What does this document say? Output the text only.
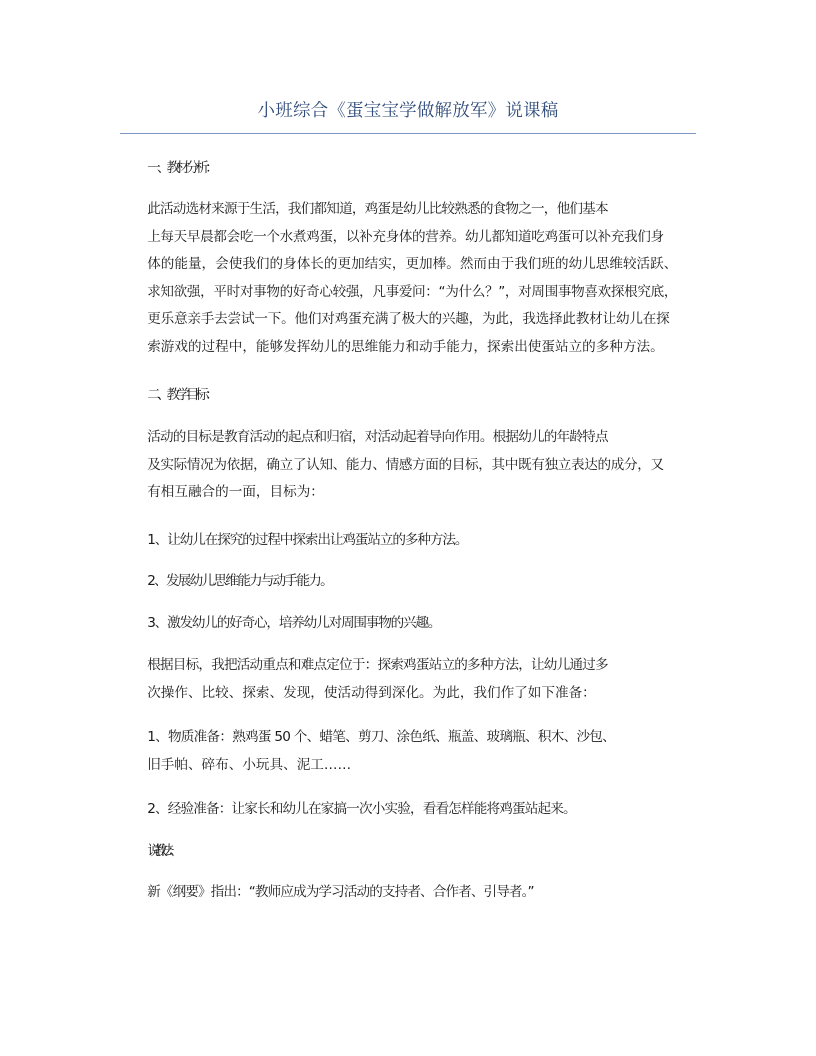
小班综合《蛋宝宝学做解放军》说课稿

一、教材分析：

此活动选材来源于生活，我们都知道，鸡蛋是幼儿比较熟悉的食物之一，他们基本
上每天早晨都会吃一个水煮鸡蛋，以补充身体的营养。幼儿都知道吃鸡蛋可以补充我们身
体的能量，会使我们的身体长的更加结实，更加棒。然而由于我们班的幼儿思维较活跃、
求知欲强，平时对事物的好奇心较强，凡事爱问：“为什么？”，对周围事物喜欢探根究底，
更乐意亲手去尝试一下。他们对鸡蛋充满了极大的兴趣，为此，我选择此教材让幼儿在探
索游戏的过程中，能够发挥幼儿的思维能力和动手能力，探索出使蛋站立的多种方法。

二、教学目标：

活动的目标是教育活动的起点和归宿，对活动起着导向作用。根据幼儿的年龄特点
及实际情况为依据，确立了认知、能力、情感方面的目标，其中既有独立表达的成分，又
有相互融合的一面，目标为：

1、让幼儿在探究的过程中探索出让鸡蛋站立的多种方法。

2、发展幼儿思维能力与动手能力。

3、激发幼儿的好奇心，培养幼儿对周围事物的兴趣。

根据目标，我把活动重点和难点定位于：探索鸡蛋站立的多种方法，让幼儿通过多
次操作、比较、探索、发现，使活动得到深化。为此，我们作了如下准备：

1、物质准备：熟鸡蛋 50 个、蜡笔、剪刀、涂色纸、瓶盖、玻璃瓶、积木、沙包、
旧手帕、碎布、小玩具、泥工……

2、经验准备：让家长和幼儿在家搞一次小实验，看看怎样能将鸡蛋站起来。

说教法：

新《纲要》指出：“教师应成为学习活动的支持者、合作者、引导者。”
